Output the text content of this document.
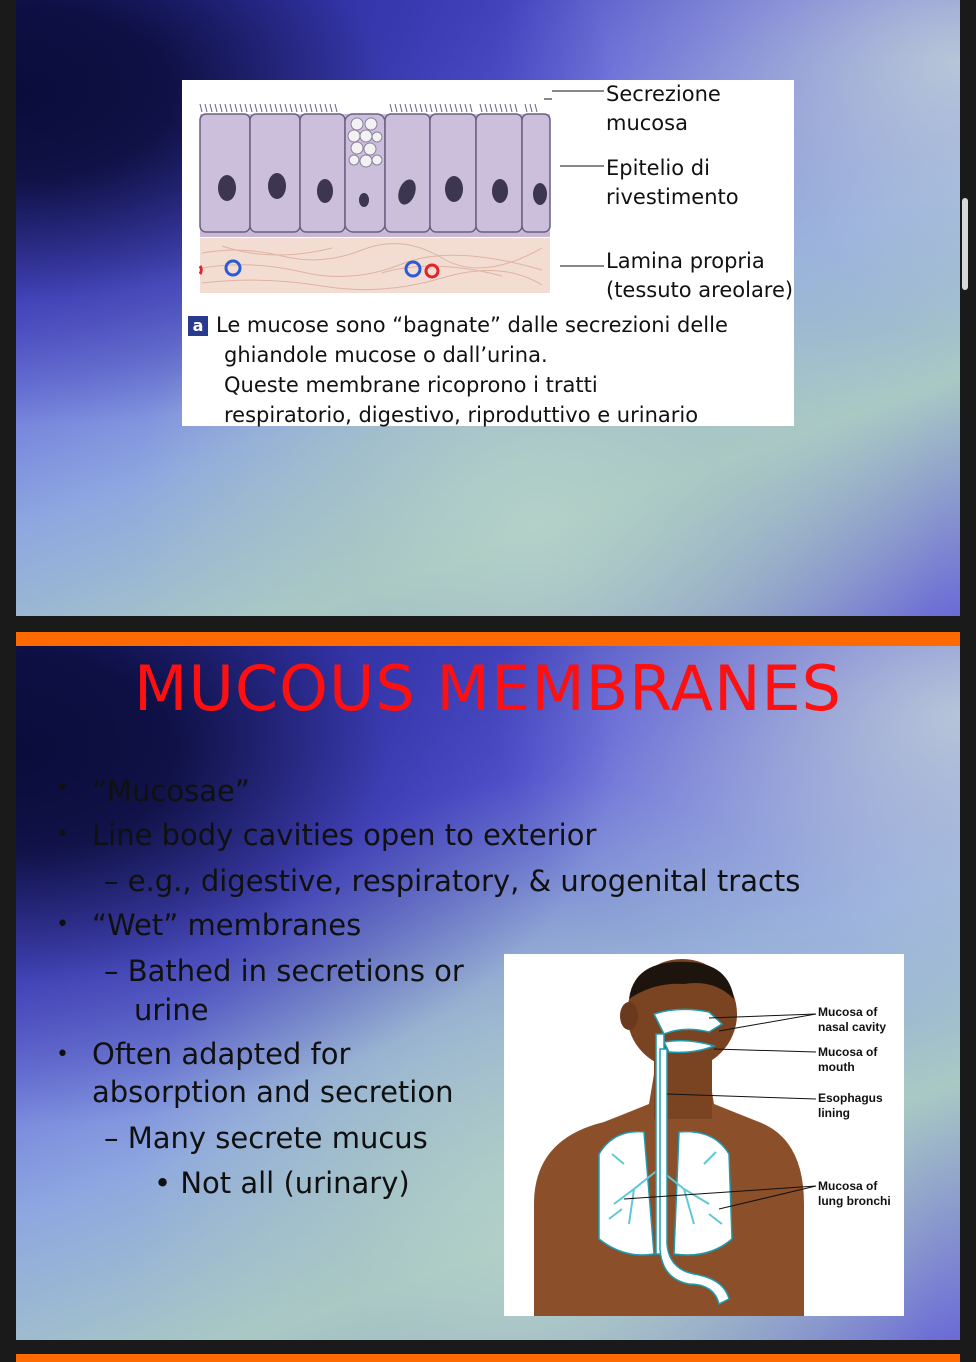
Secrezione mucosa
Epitelio di
rivestimento
Lamina propria
(tessuto areolare)
a Le mucose sono “bagnate” dalle secrezioni delle
ghiandole mucose o dall’urina.
Queste membrane ricoprono i tratti
respiratorio, digestivo, riproduttivo e urinario
MUCOUS MEMBRANES
• “Mucosae”
• Line body cavities open to exterior
– e.g., digestive, respiratory, & urogenital tracts
• “Wet” membranes
– Bathed in secretions or
urine
• Often adapted for
absorption and secretion
– Many secrete mucus
• Not all (urinary)
Mucosa of
nasal cavity
Mucosa of
mouth
Esophagus
lining
Mucosa of
lung bronchi
